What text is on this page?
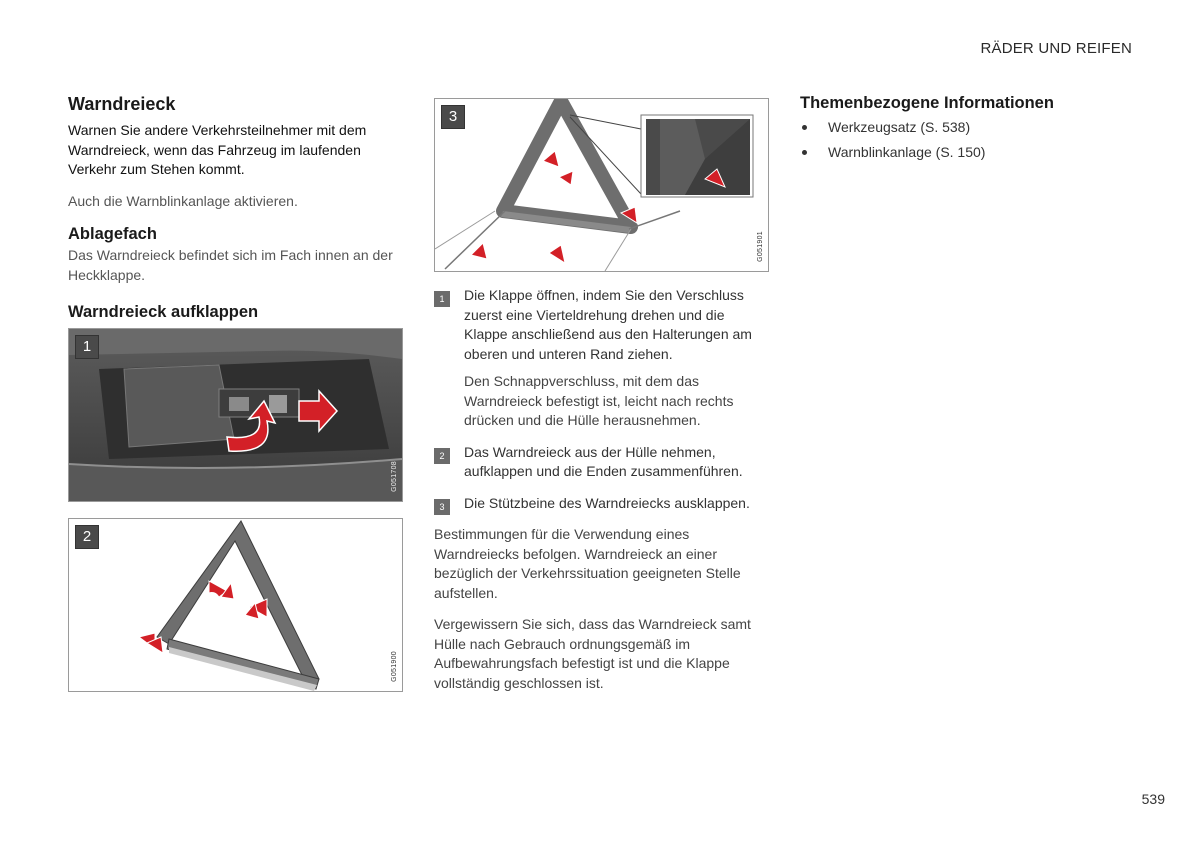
RÄDER UND REIFEN
Warndreieck

Warnen Sie andere Verkehrsteilnehmer mit dem Warndreieck, wenn das Fahrzeug im laufenden Verkehr zum Stehen kommt.

Auch die Warnblinkanlage aktivieren.

Ablagefach

Das Warndreieck befindet sich im Fach innen an der Heckklappe.

Warndreieck aufklappen
1
G051708
2
G051900
3
G051901
1	Die Klappe öffnen, indem Sie den Verschluss zuerst eine Vierteldrehung drehen und die Klappe anschließend aus den Halterungen am oberen und unteren Rand ziehen.
Den Schnappverschluss, mit dem das Warndreieck befestigt ist, leicht nach rechts drücken und die Hülle herausnehmen.
2	Das Warndreieck aus der Hülle nehmen, aufklappen und die Enden zusammenführen.
3	Die Stützbeine des Warndreiecks ausklappen.

Bestimmungen für die Verwendung eines Warndreiecks befolgen. Warndreieck an einer bezüglich der Verkehrssituation geeigneten Stelle aufstellen.

Vergewissern Sie sich, dass das Warndreieck samt Hülle nach Gebrauch ordnungsgemäß im Aufbewahrungsfach befestigt ist und die Klappe vollständig geschlossen ist.

Themenbezogene Informationen
Werkzeugsatz (S. 538)
Warnblinkanlage (S. 150)
539
